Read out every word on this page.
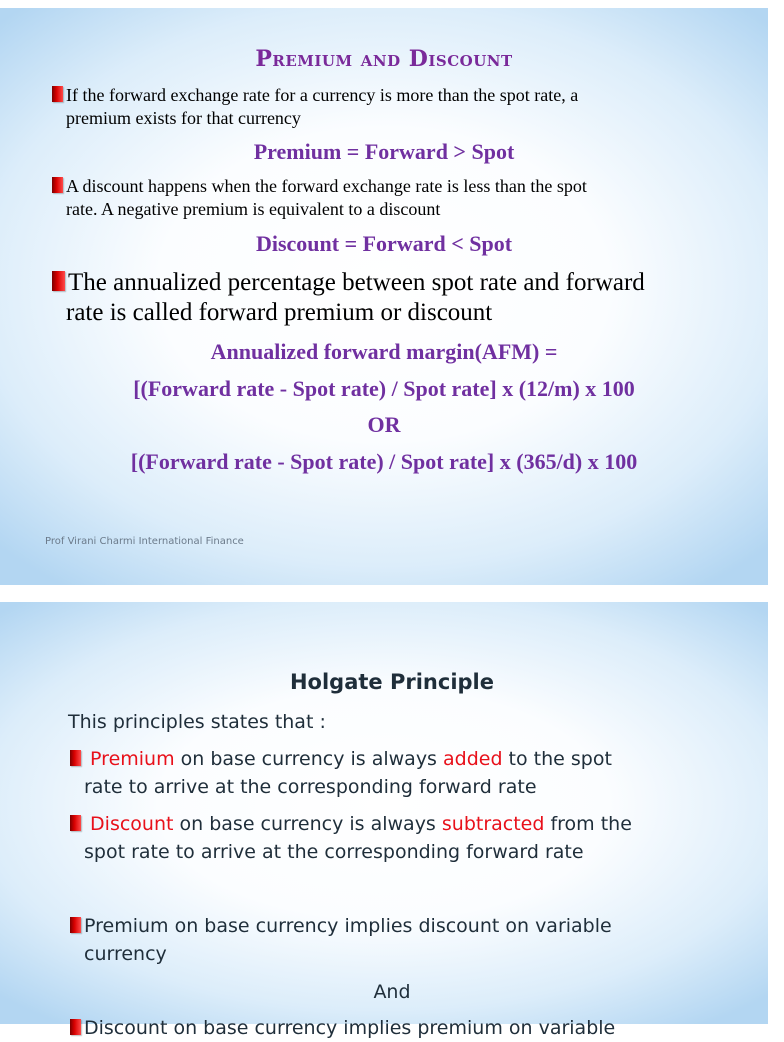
Premium and Discount
If the forward exchange rate for a currency is more than the spot rate, a
premium exists for that currency
Premium = Forward > Spot
A discount happens when the forward exchange rate is less than the spot
rate. A negative premium is equivalent to a discount
Discount = Forward < Spot
The annualized percentage between spot rate and forward
rate is called forward premium or discount
Annualized forward margin(AFM) =
[(Forward rate - Spot rate) / Spot rate] x (12/m) x 100
OR
[(Forward rate - Spot rate) / Spot rate] x (365/d) x 100
Prof Virani Charmi International Finance
Holgate Principle
This principles states that :
Premium on base currency is always added to the spot
rate to arrive at the corresponding forward rate
Discount on base currency is always subtracted from the
spot rate to arrive at the corresponding forward rate
Premium on base currency implies discount on variable
currency
And
Discount on base currency implies premium on variable
